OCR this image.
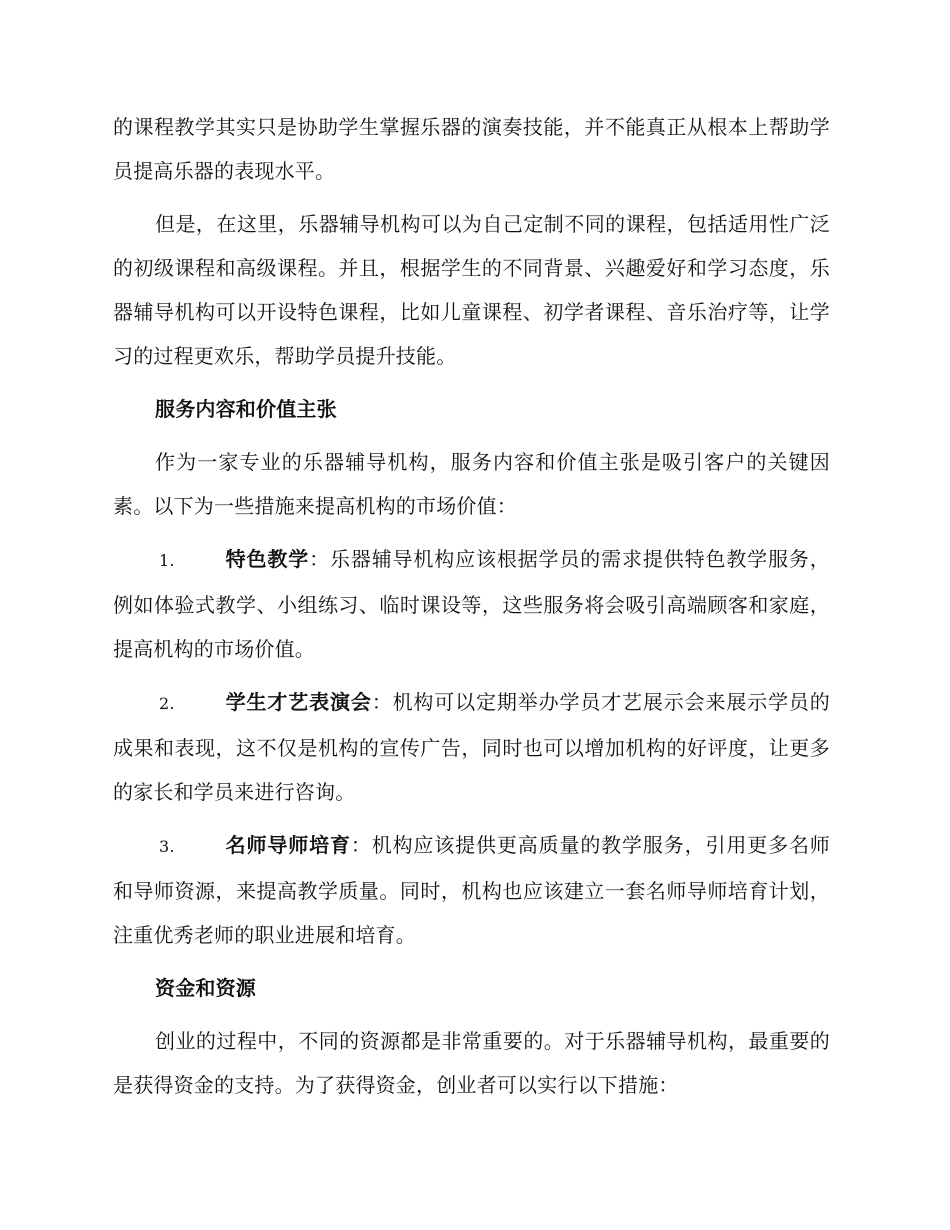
的课程教学其实只是协助学生掌握乐器的演奏技能，并不能真正从根本上帮助学员提高乐器的表现水平。

但是，在这里，乐器辅导机构可以为自己定制不同的课程，包括适用性广泛的初级课程和高级课程。并且，根据学生的不同背景、兴趣爱好和学习态度，乐器辅导机构可以开设特色课程，比如儿童课程、初学者课程、音乐治疗等，让学习的过程更欢乐，帮助学员提升技能。

服务内容和价值主张

作为一家专业的乐器辅导机构，服务内容和价值主张是吸引客户的关键因素。以下为一些措施来提高机构的市场价值：

1.	特色教学：乐器辅导机构应该根据学员的需求提供特色教学服务，例如体验式教学、小组练习、临时课设等，这些服务将会吸引高端顾客和家庭，提高机构的市场价值。

2.	学生才艺表演会：机构可以定期举办学员才艺展示会来展示学员的成果和表现，这不仅是机构的宣传广告，同时也可以增加机构的好评度，让更多的家长和学员来进行咨询。

3.	名师导师培育：机构应该提供更高质量的教学服务，引用更多名师和导师资源，来提高教学质量。同时，机构也应该建立一套名师导师培育计划，注重优秀老师的职业进展和培育。

资金和资源

创业的过程中，不同的资源都是非常重要的。对于乐器辅导机构，最重要的是获得资金的支持。为了获得资金，创业者可以实行以下措施：
